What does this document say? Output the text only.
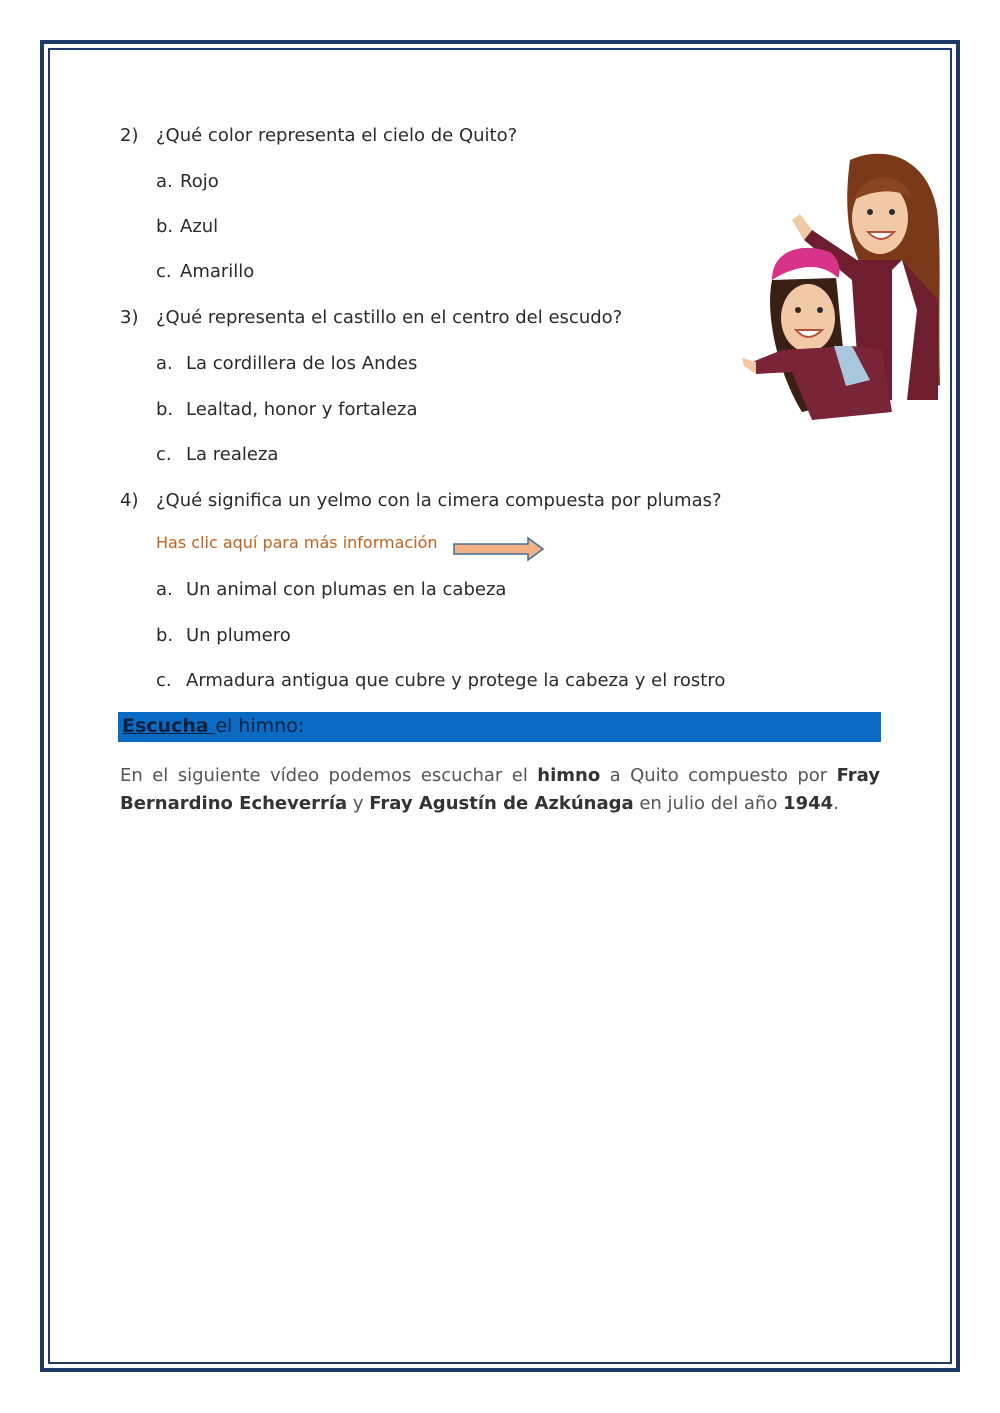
2) ¿Qué color representa el cielo de Quito?
a. Rojo
b. Azul
c. Amarillo
3) ¿Qué representa el castillo en el centro del escudo?
a. La cordillera de los Andes
b. Lealtad, honor y fortaleza
c. La realeza
4) ¿Qué significa un yelmo con la cimera compuesta por plumas?
Has clic aquí para más información
a. Un animal con plumas en la cabeza
b. Un plumero
c. Armadura antigua que cubre y protege la cabeza y el rostro
Escucha el himno:
En el siguiente vídeo podemos escuchar el himno a Quito compuesto por Fray Bernardino Echeverría y Fray Agustín de Azkúnaga en julio del año 1944.
